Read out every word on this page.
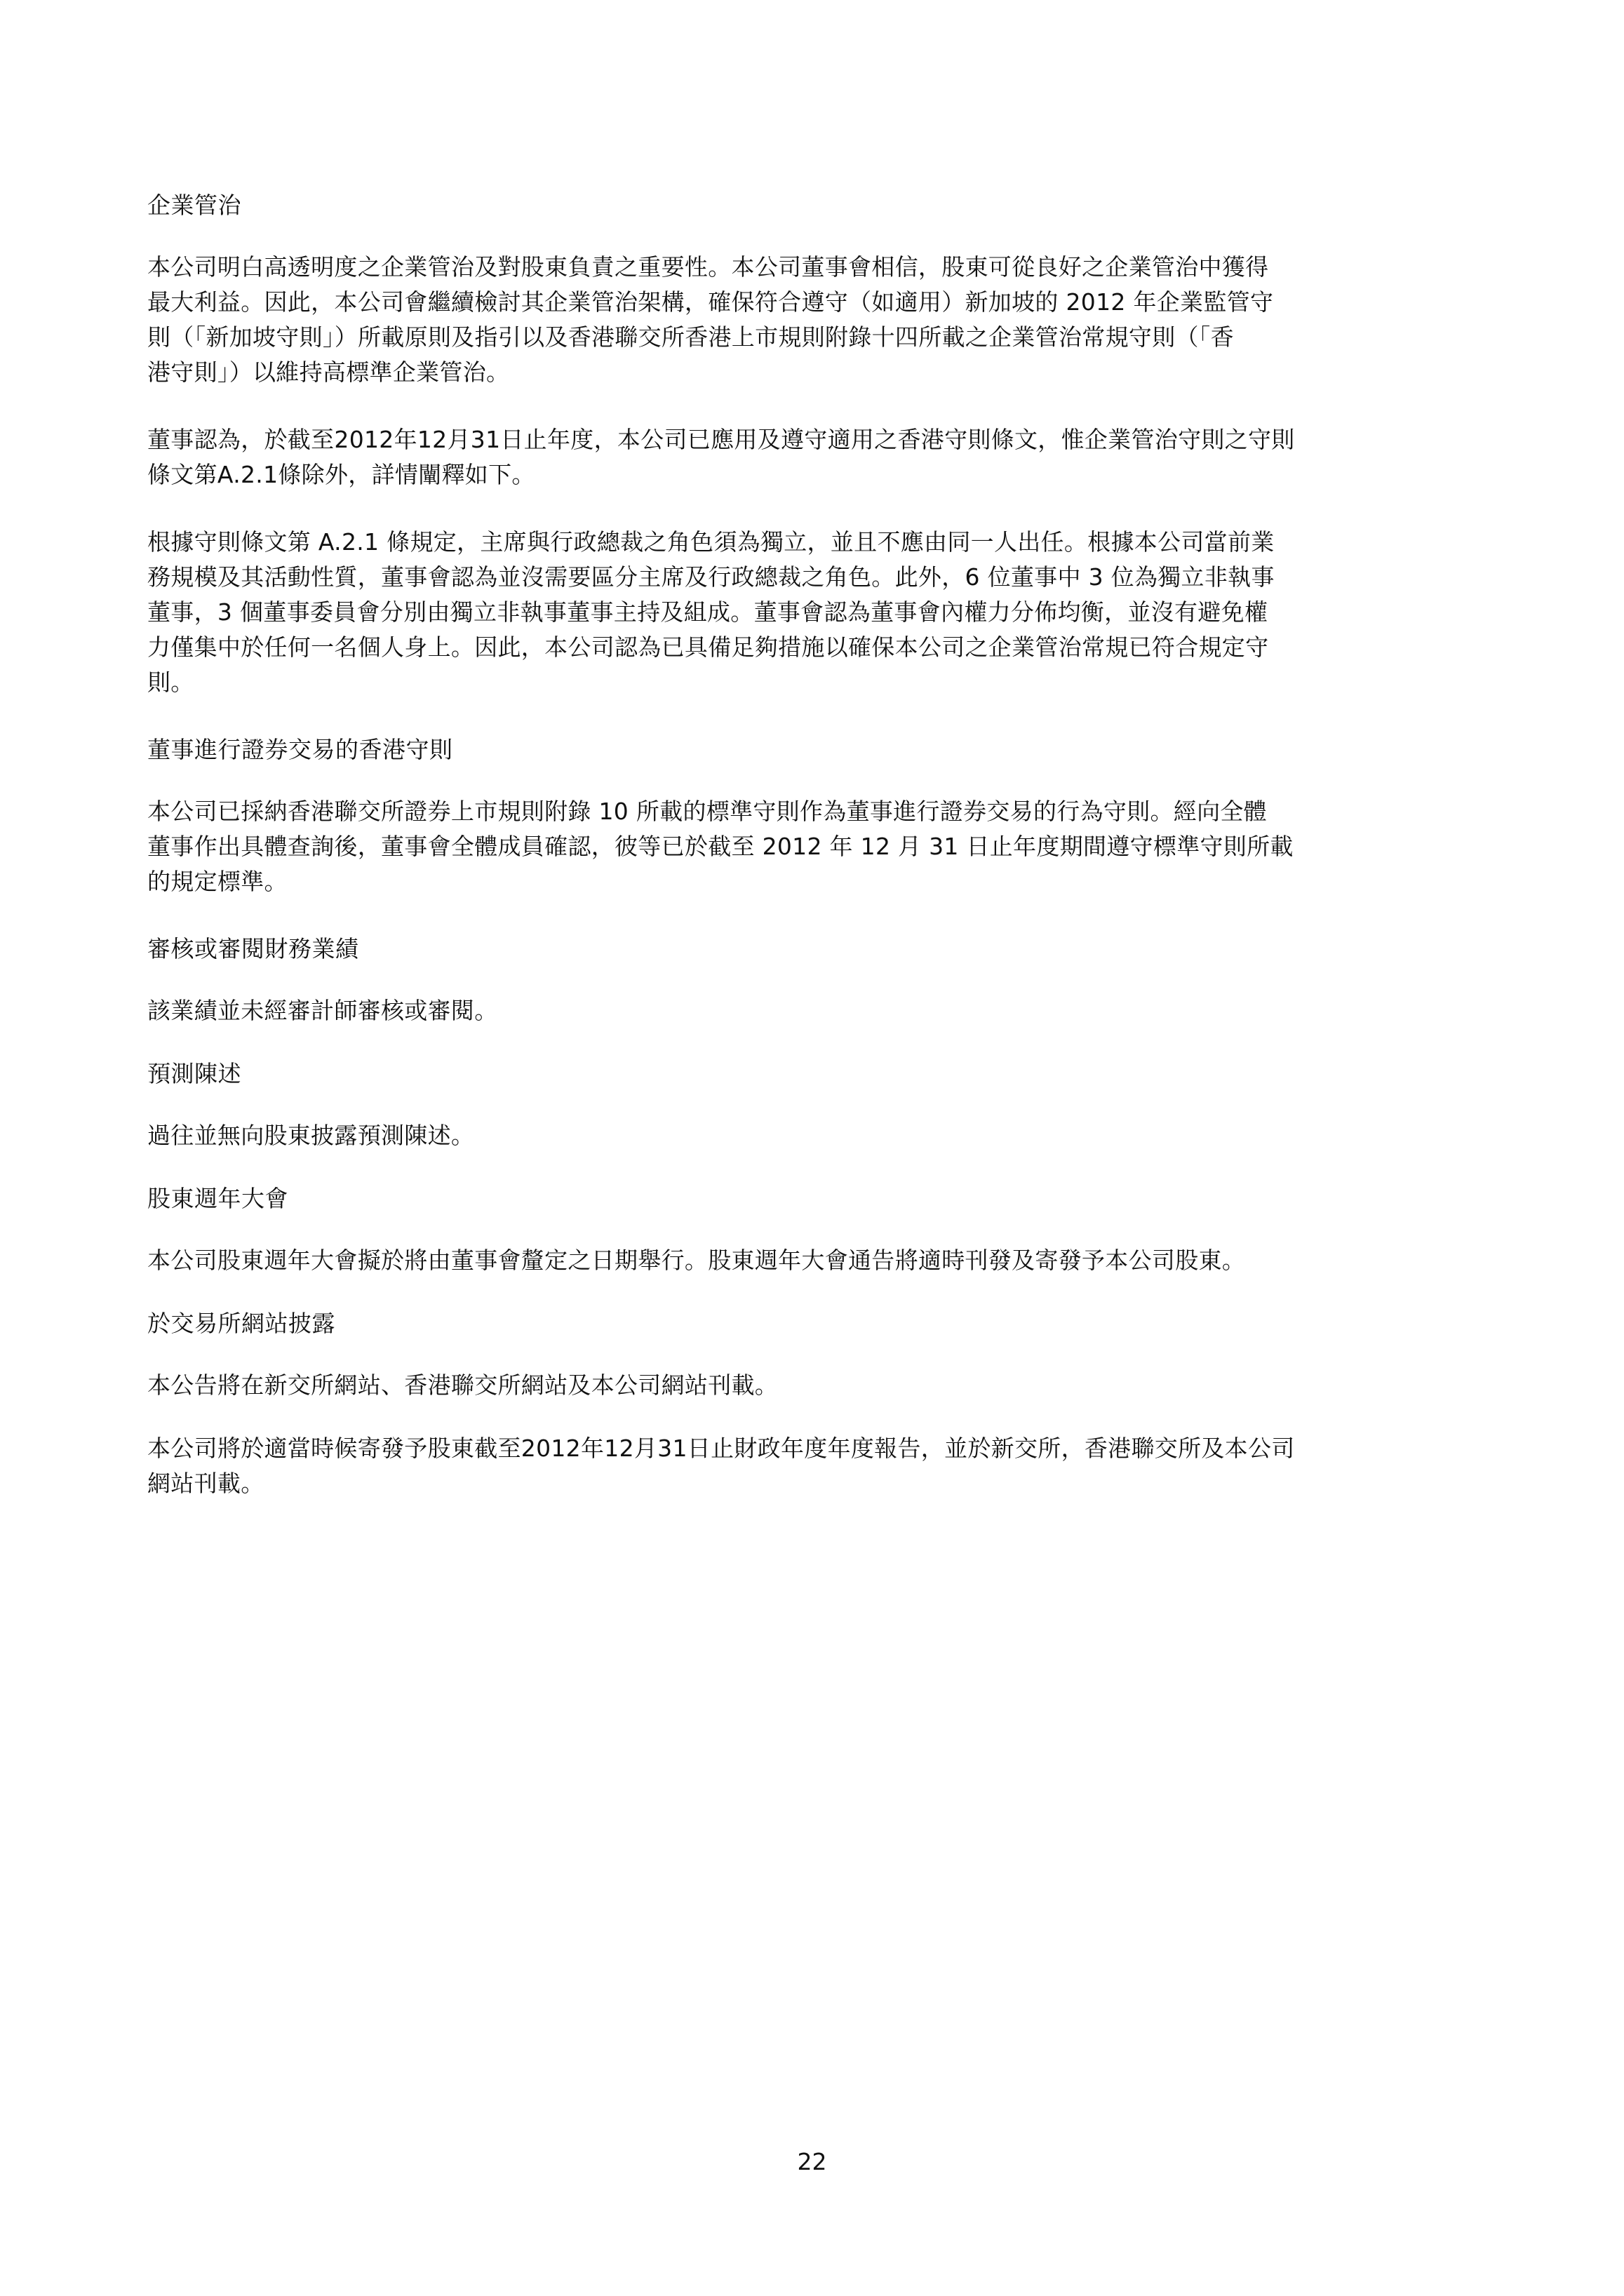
企業管治
本公司明白高透明度之企業管治及對股東負責之重要性。本公司董事會相信，股東可從良好之企業管治中獲得
最大利益。因此，本公司會繼續檢討其企業管治架構，確保符合遵守（如適用）新加坡的 2012 年企業監管守
則（「新加坡守則」）所載原則及指引以及香港聯交所香港上市規則附錄十四所載之企業管治常規守則（「香
港守則」）以維持高標準企業管治。
董事認為，於截至2012年12月31日止年度，本公司已應用及遵守適用之香港守則條文，惟企業管治守則之守則
條文第A.2.1條除外，詳情闡釋如下。
根據守則條文第 A.2.1 條規定，主席與行政總裁之角色須為獨立，並且不應由同一人出任。根據本公司當前業
務規模及其活動性質，董事會認為並沒需要區分主席及行政總裁之角色。此外，6 位董事中 3 位為獨立非執事
董事，3 個董事委員會分別由獨立非執事董事主持及組成。董事會認為董事會內權力分佈均衡，並沒有避免權
力僅集中於任何一名個人身上。因此，本公司認為已具備足夠措施以確保本公司之企業管治常規已符合規定守
則。
董事進行證券交易的香港守則
本公司已採納香港聯交所證券上市規則附錄 10 所載的標準守則作為董事進行證券交易的行為守則。經向全體
董事作出具體查詢後，董事會全體成員確認，彼等已於截至 2012 年 12 月 31 日止年度期間遵守標準守則所載
的規定標準。
審核或審閱財務業績
該業績並未經審計師審核或審閱。
預測陳述
過往並無向股東披露預測陳述。
股東週年大會
本公司股東週年大會擬於將由董事會釐定之日期舉行。股東週年大會通告將適時刊發及寄發予本公司股東。
於交易所網站披露
本公告將在新交所網站、香港聯交所網站及本公司網站刊載。
本公司將於適當時候寄發予股東截至2012年12月31日止財政年度年度報告，並於新交所，香港聯交所及本公司
網站刊載。
22
